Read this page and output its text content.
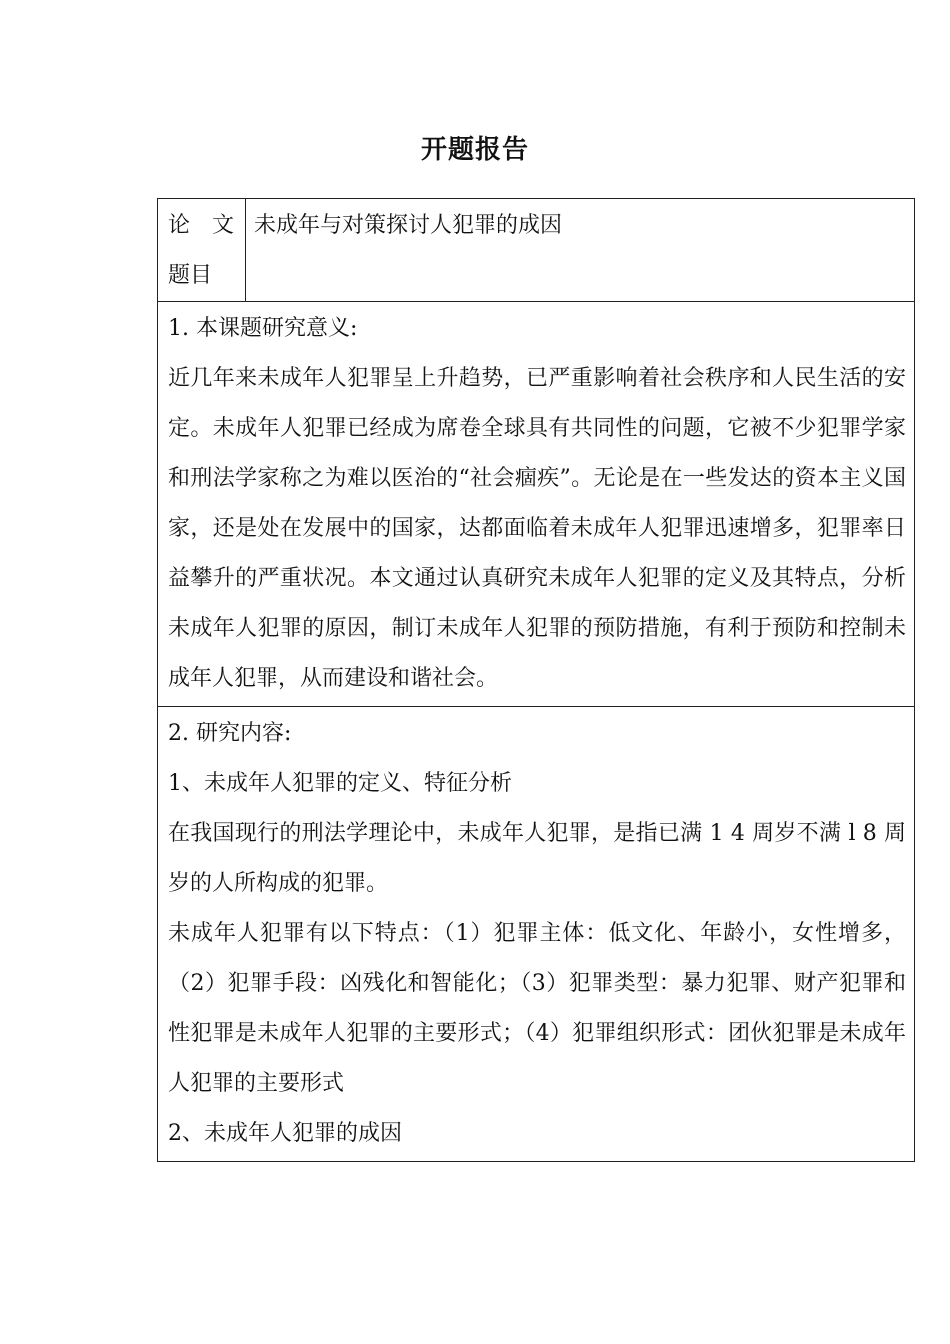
开题报告
论　文
题目

未成年与对策探讨人犯罪的成因

1. 本课题研究意义:
近几年来未成年人犯罪呈上升趋势，已严重影响着社会秩序和人民生活的安定。未成年人犯罪已经成为席卷全球具有共同性的问题，它被不少犯罪学家和刑法学家称之为难以医治的“社会痼疾”。无论是在一些发达的资本主义国家，还是处在发展中的国家，达都面临着未成年人犯罪迅速增多，犯罪率日益攀升的严重状况。本文通过认真研究未成年人犯罪的定义及其特点，分析未成年人犯罪的原因，制订未成年人犯罪的预防措施，有利于预防和控制未成年人犯罪，从而建设和谐社会。

2. 研究内容:
1、未成年人犯罪的定义、特征分析
在我国现行的刑法学理论中，未成年人犯罪，是指已满 1 4 周岁不满 l 8 周岁的人所构成的犯罪。
未成年人犯罪有以下特点：（1）犯罪主体：低文化、年龄小，女性增多，（2）犯罪手段：凶残化和智能化；（3）犯罪类型：暴力犯罪、财产犯罪和性犯罪是未成年人犯罪的主要形式；（4）犯罪组织形式：团伙犯罪是未成年人犯罪的主要形式
2、未成年人犯罪的成因
